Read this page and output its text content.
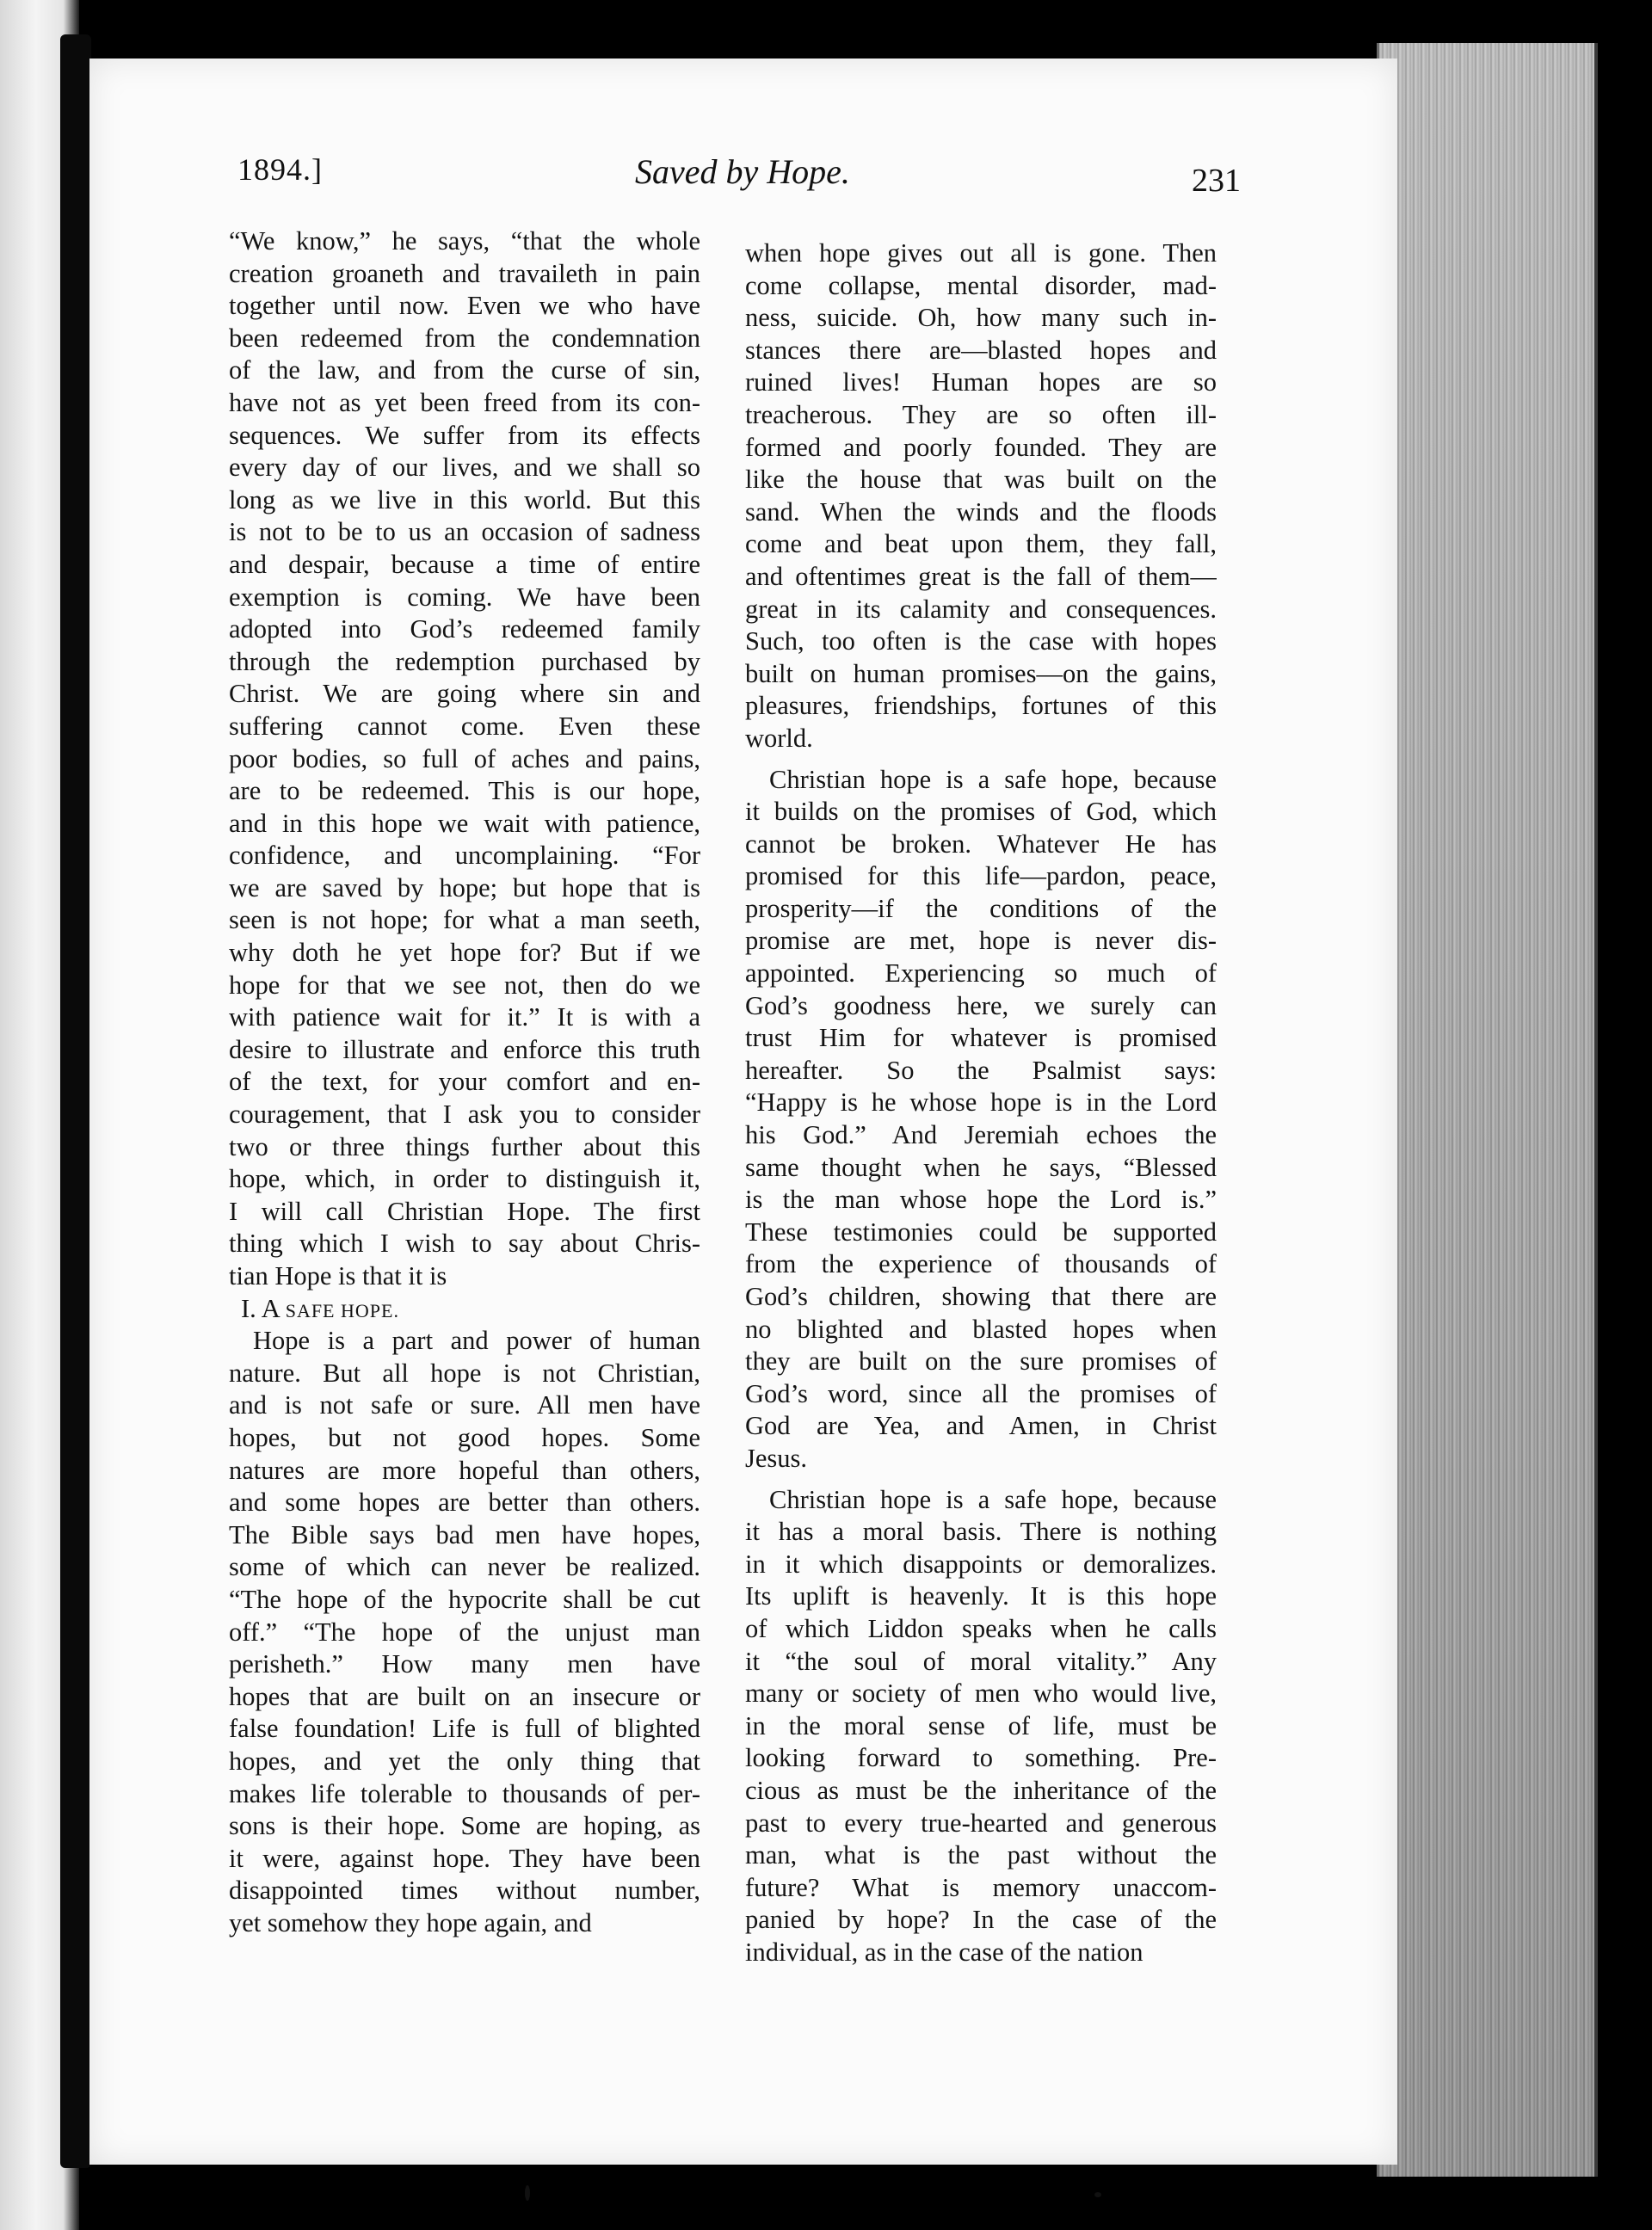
1894.]	Saved by Hope.	231
“We know,” he says, “that the whole
creation groaneth and travaileth in pain
together until now. Even we who have
been redeemed from the condemnation
of the law, and from the curse of sin,
have not as yet been freed from its con-
sequences. We suffer from its effects
every day of our lives, and we shall so
long as we live in this world. But this
is not to be to us an occasion of sadness
and despair, because a time of entire
exemption is coming. We have been
adopted into God’s redeemed family
through the redemption purchased by
Christ. We are going where sin and
suffering cannot come. Even these
poor bodies, so full of aches and pains,
are to be redeemed. This is our hope,
and in this hope we wait with patience,
confidence, and uncomplaining. “For
we are saved by hope; but hope that is
seen is not hope; for what a man seeth,
why doth he yet hope for? But if we
hope for that we see not, then do we
with patience wait for it.” It is with a
desire to illustrate and enforce this truth
of the text, for your comfort and en-
couragement, that I ask you to consider
two or three things further about this
hope, which, in order to distinguish it,
I will call Christian Hope. The first
thing which I wish to say about Chris-
tian Hope is that it is
I. A SAFE HOPE.
Hope is a part and power of human
nature. But all hope is not Christian,
and is not safe or sure. All men have
hopes, but not good hopes. Some
natures are more hopeful than others,
and some hopes are better than others.
The Bible says bad men have hopes,
some of which can never be realized.
“The hope of the hypocrite shall be cut
off.” “The hope of the unjust man
perisheth.” How many men have
hopes that are built on an insecure or
false foundation! Life is full of blighted
hopes, and yet the only thing that
makes life tolerable to thousands of per-
sons is their hope. Some are hoping, as
it were, against hope. They have been
disappointed times without number,
yet somehow they hope again, and
when hope gives out all is gone. Then
come collapse, mental disorder, mad-
ness, suicide. Oh, how many such in-
stances there are—blasted hopes and
ruined lives! Human hopes are so
treacherous. They are so often ill-
formed and poorly founded. They are
like the house that was built on the
sand. When the winds and the floods
come and beat upon them, they fall,
and oftentimes great is the fall of them—
great in its calamity and consequences.
Such, too often is the case with hopes
built on human promises—on the gains,
pleasures, friendships, fortunes of this
world.
Christian hope is a safe hope, because
it builds on the promises of God, which
cannot be broken. Whatever He has
promised for this life—pardon, peace,
prosperity—if the conditions of the
promise are met, hope is never dis-
appointed. Experiencing so much of
God’s goodness here, we surely can
trust Him for whatever is promised
hereafter. So the Psalmist says:
“Happy is he whose hope is in the Lord
his God.” And Jeremiah echoes the
same thought when he says, “Blessed
is the man whose hope the Lord is.”
These testimonies could be supported
from the experience of thousands of
God’s children, showing that there are
no blighted and blasted hopes when
they are built on the sure promises of
God’s word, since all the promises of
God are Yea, and Amen, in Christ
Jesus.
Christian hope is a safe hope, because
it has a moral basis. There is nothing
in it which disappoints or demoralizes.
Its uplift is heavenly. It is this hope
of which Liddon speaks when he calls
it “the soul of moral vitality.” Any
many or society of men who would live,
in the moral sense of life, must be
looking forward to something. Pre-
cious as must be the inheritance of the
past to every true-hearted and generous
man, what is the past without the
future? What is memory unaccom-
panied by hope? In the case of the
individual, as in the case of the nation
